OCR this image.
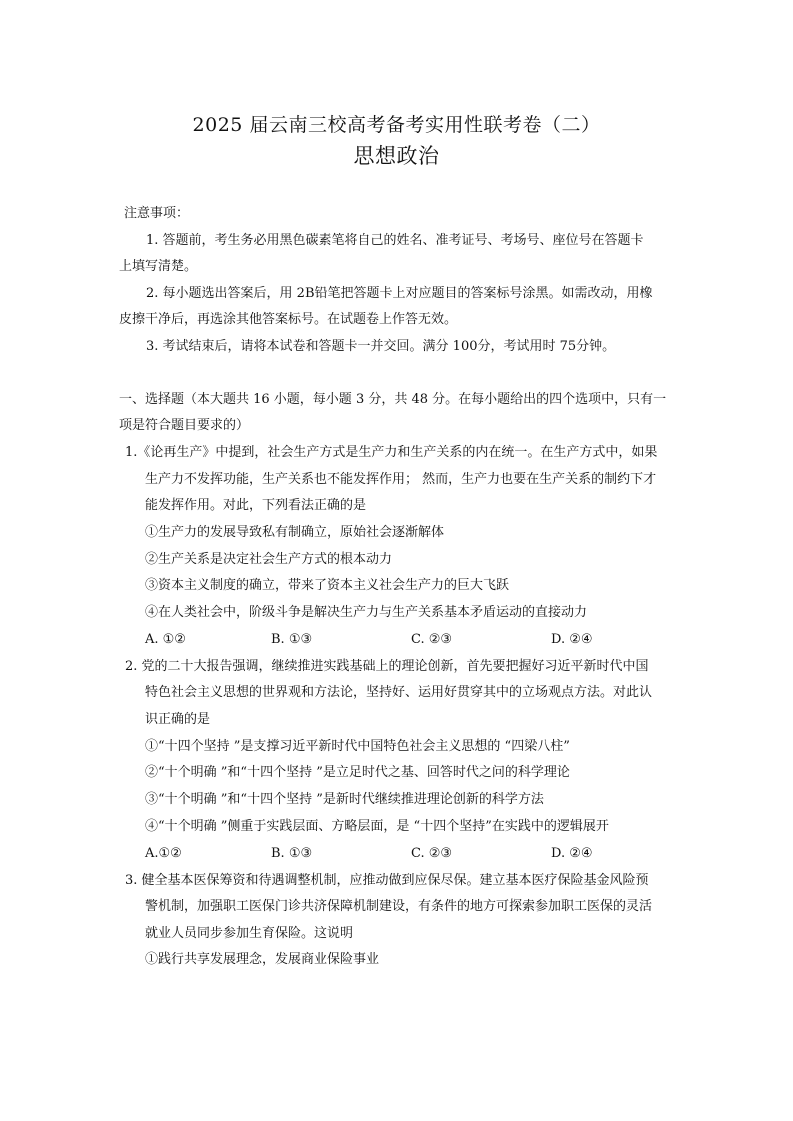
2025 届云南三校高考备考实用性联考卷（二）
思想政治
注意事项：
1. 答题前，考生务必用黑色碳素笔将自己的姓名、准考证号、考场号、座位号在答题卡
上填写清楚。
2. 每小题选出答案后，用 2B铅笔把答题卡上对应题目的答案标号涂黑。如需改动，用橡
皮擦干净后，再选涂其他答案标号。在试题卷上作答无效。
3. 考试结束后，请将本试卷和答题卡一并交回。满分 100分，考试用时 75分钟。
一、选择题（本大题共 16 小题，每小题 3 分，共 48 分。在每小题给出的四个选项中，只有一
项是符合题目要求的）
1.《论再生产》中提到，社会生产方式是生产力和生产关系的内在统一。在生产方式中，如果
生产力不发挥功能，生产关系也不能发挥作用； 然而，生产力也要在生产关系的制约下才
能发挥作用。对此，下列看法正确的是
①生产力的发展导致私有制确立，原始社会逐渐解体
②生产关系是决定社会生产方式的根本动力
③资本主义制度的确立，带来了资本主义社会生产力的巨大飞跃
④在人类社会中，阶级斗争是解决生产力与生产关系基本矛盾运动的直接动力
A. ①②	B. ①③	C. ②③	D. ②④
2. 党的二十大报告强调，继续推进实践基础上的理论创新，首先要把握好习近平新时代中国
特色社会主义思想的世界观和方法论，坚持好、运用好贯穿其中的立场观点方法。对此认
识正确的是
①“十四个坚持 ”是支撑习近平新时代中国特色社会主义思想的 “四梁八柱”
②“十个明确 ”和“十四个坚持 ”是立足时代之基、回答时代之问的科学理论
③“十个明确 ”和“十四个坚持 ”是新时代继续推进理论创新的科学方法
④“十个明确 ”侧重于实践层面、方略层面，是 “十四个坚持”在实践中的逻辑展开
A.①②	B. ①③	C. ②③	D. ②④
3. 健全基本医保筹资和待遇调整机制，应推动做到应保尽保。建立基本医疗保险基金风险预
警机制，加强职工医保门诊共济保障机制建设，有条件的地方可探索参加职工医保的灵活
就业人员同步参加生育保险。这说明
①践行共享发展理念，发展商业保险事业
